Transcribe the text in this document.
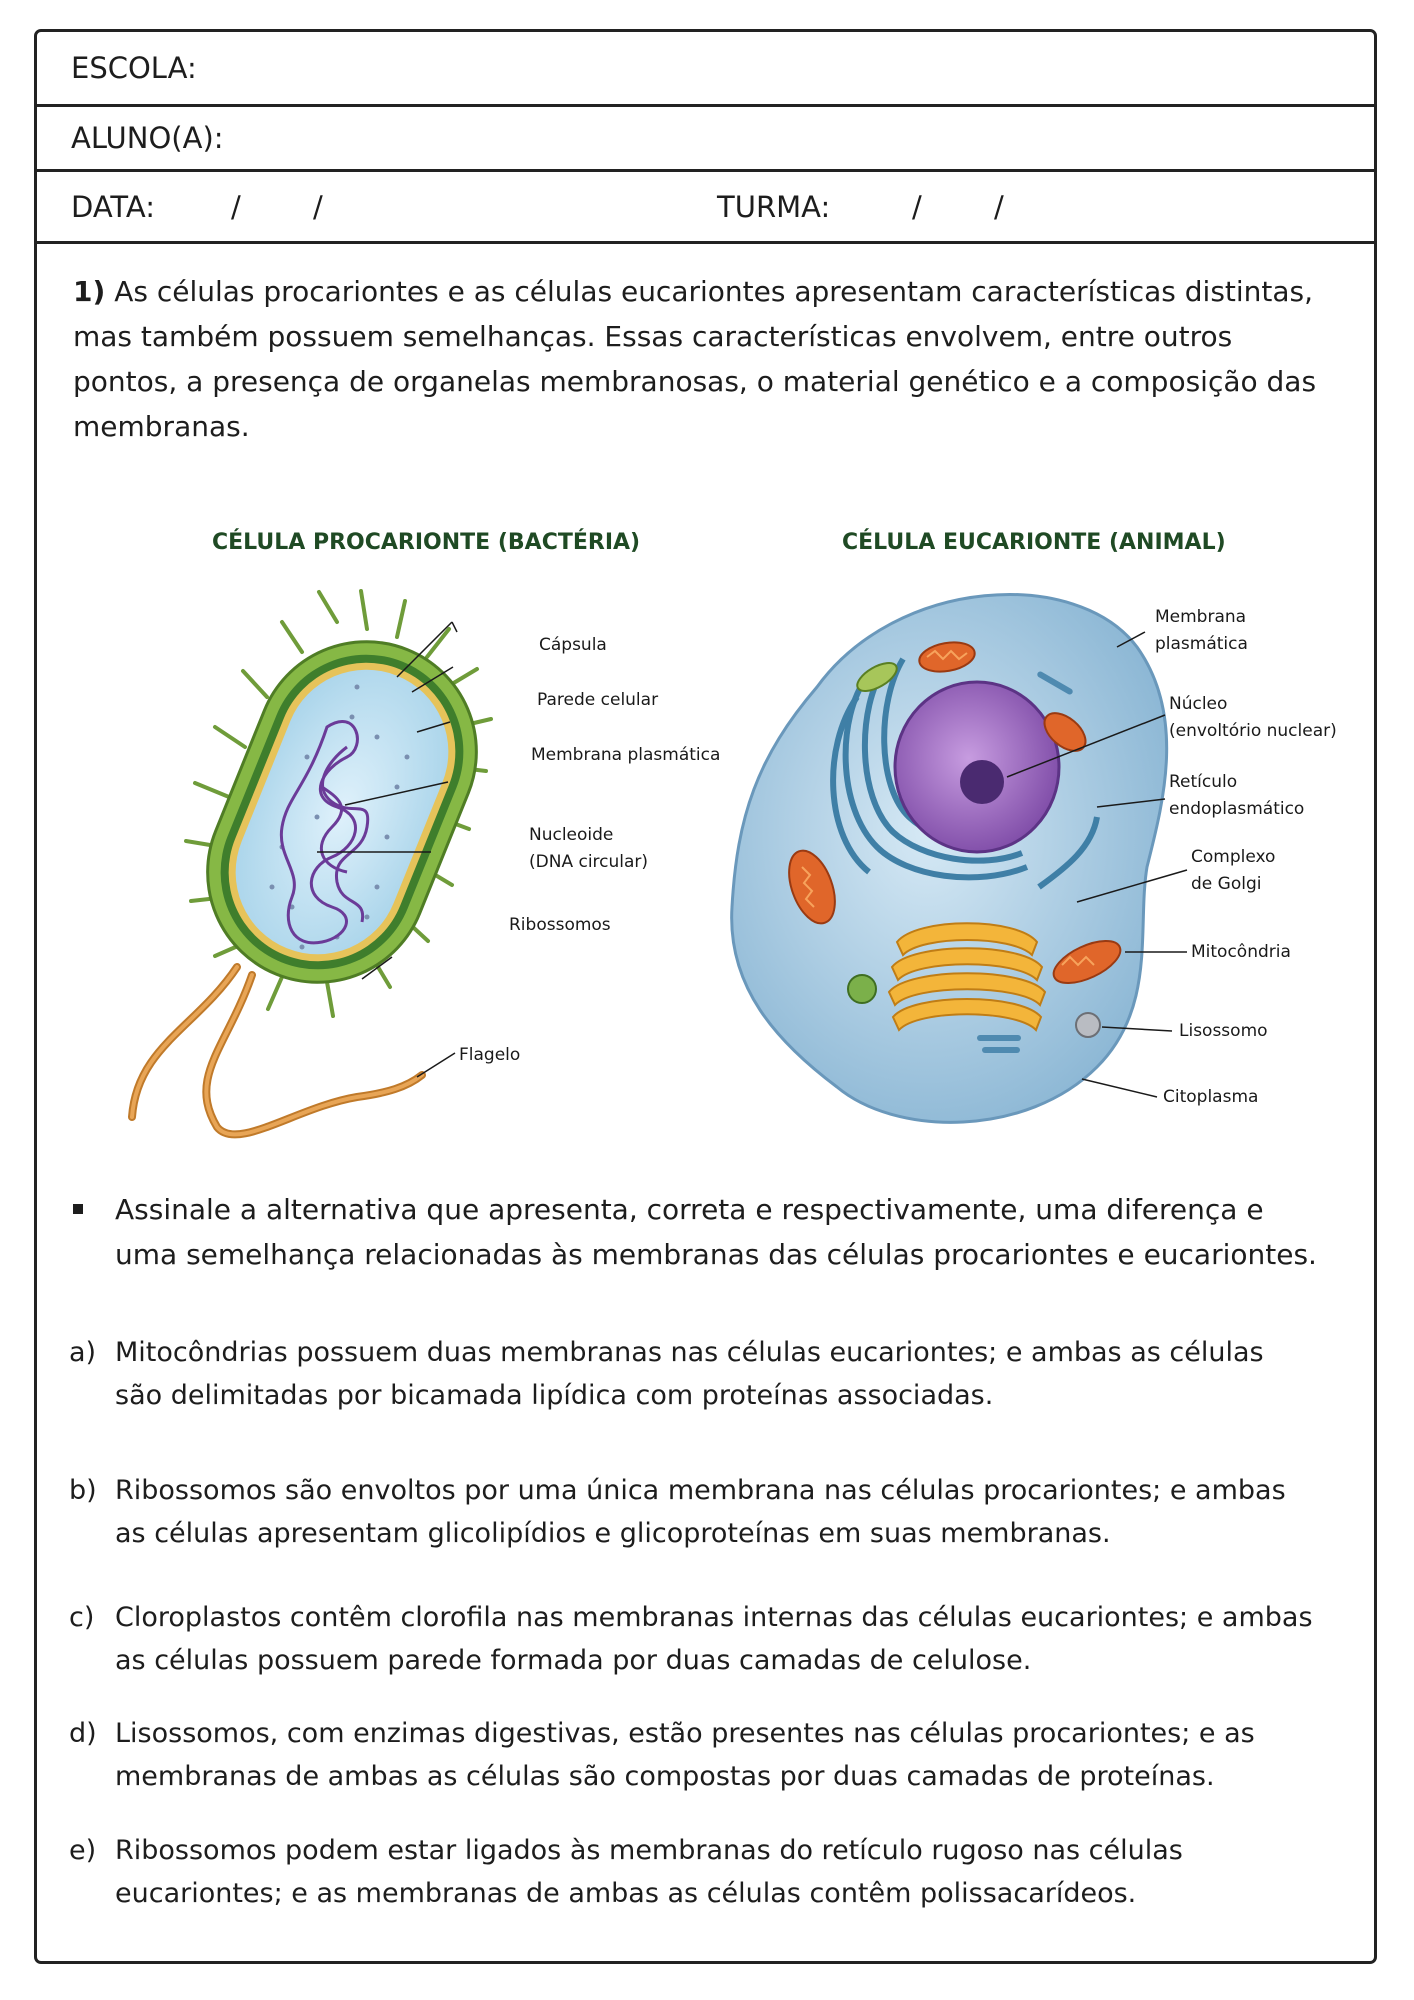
ESCOLA:
ALUNO(A):
DATA:	/ /	TURMA:	/ /
1) As células procariontes e as células eucariontes apresentam características distintas, mas também possuem semelhanças. Essas características envolvem, entre outros pontos, a presença de organelas membranosas, o material genético e a composição das membranas.
CÉLULA PROCARIONTE (BACTÉRIA)	CÉLULA EUCARIONTE (ANIMAL)
Cápsula
Parede celular
Membrana plasmática
Nucleoide
(DNA circular)
Ribossomos
Flagelo
Membrana
plasmática
Núcleo
(envoltório nuclear)
Retículo
endoplasmático
Complexo
de Golgi
Mitocôndria
Lisossomo
Citoplasma
Assinale a alternativa que apresenta, correta e respectivamente, uma diferença e uma semelhança relacionadas às membranas das células procariontes e eucariontes.
a) Mitocôndrias possuem duas membranas nas células eucariontes; e ambas as células são delimitadas por bicamada lipídica com proteínas associadas.
b) Ribossomos são envoltos por uma única membrana nas células procariontes; e ambas as células apresentam glicolipídios e glicoproteínas em suas membranas.
c) Cloroplastos contêm clorofila nas membranas internas das células eucariontes; e ambas as células possuem parede formada por duas camadas de celulose.
d) Lisossomos, com enzimas digestivas, estão presentes nas células procariontes; e as membranas de ambas as células são compostas por duas camadas de proteínas.
e) Ribossomos podem estar ligados às membranas do retículo rugoso nas células eucariontes; e as membranas de ambas as células contêm polissacarídeos.
